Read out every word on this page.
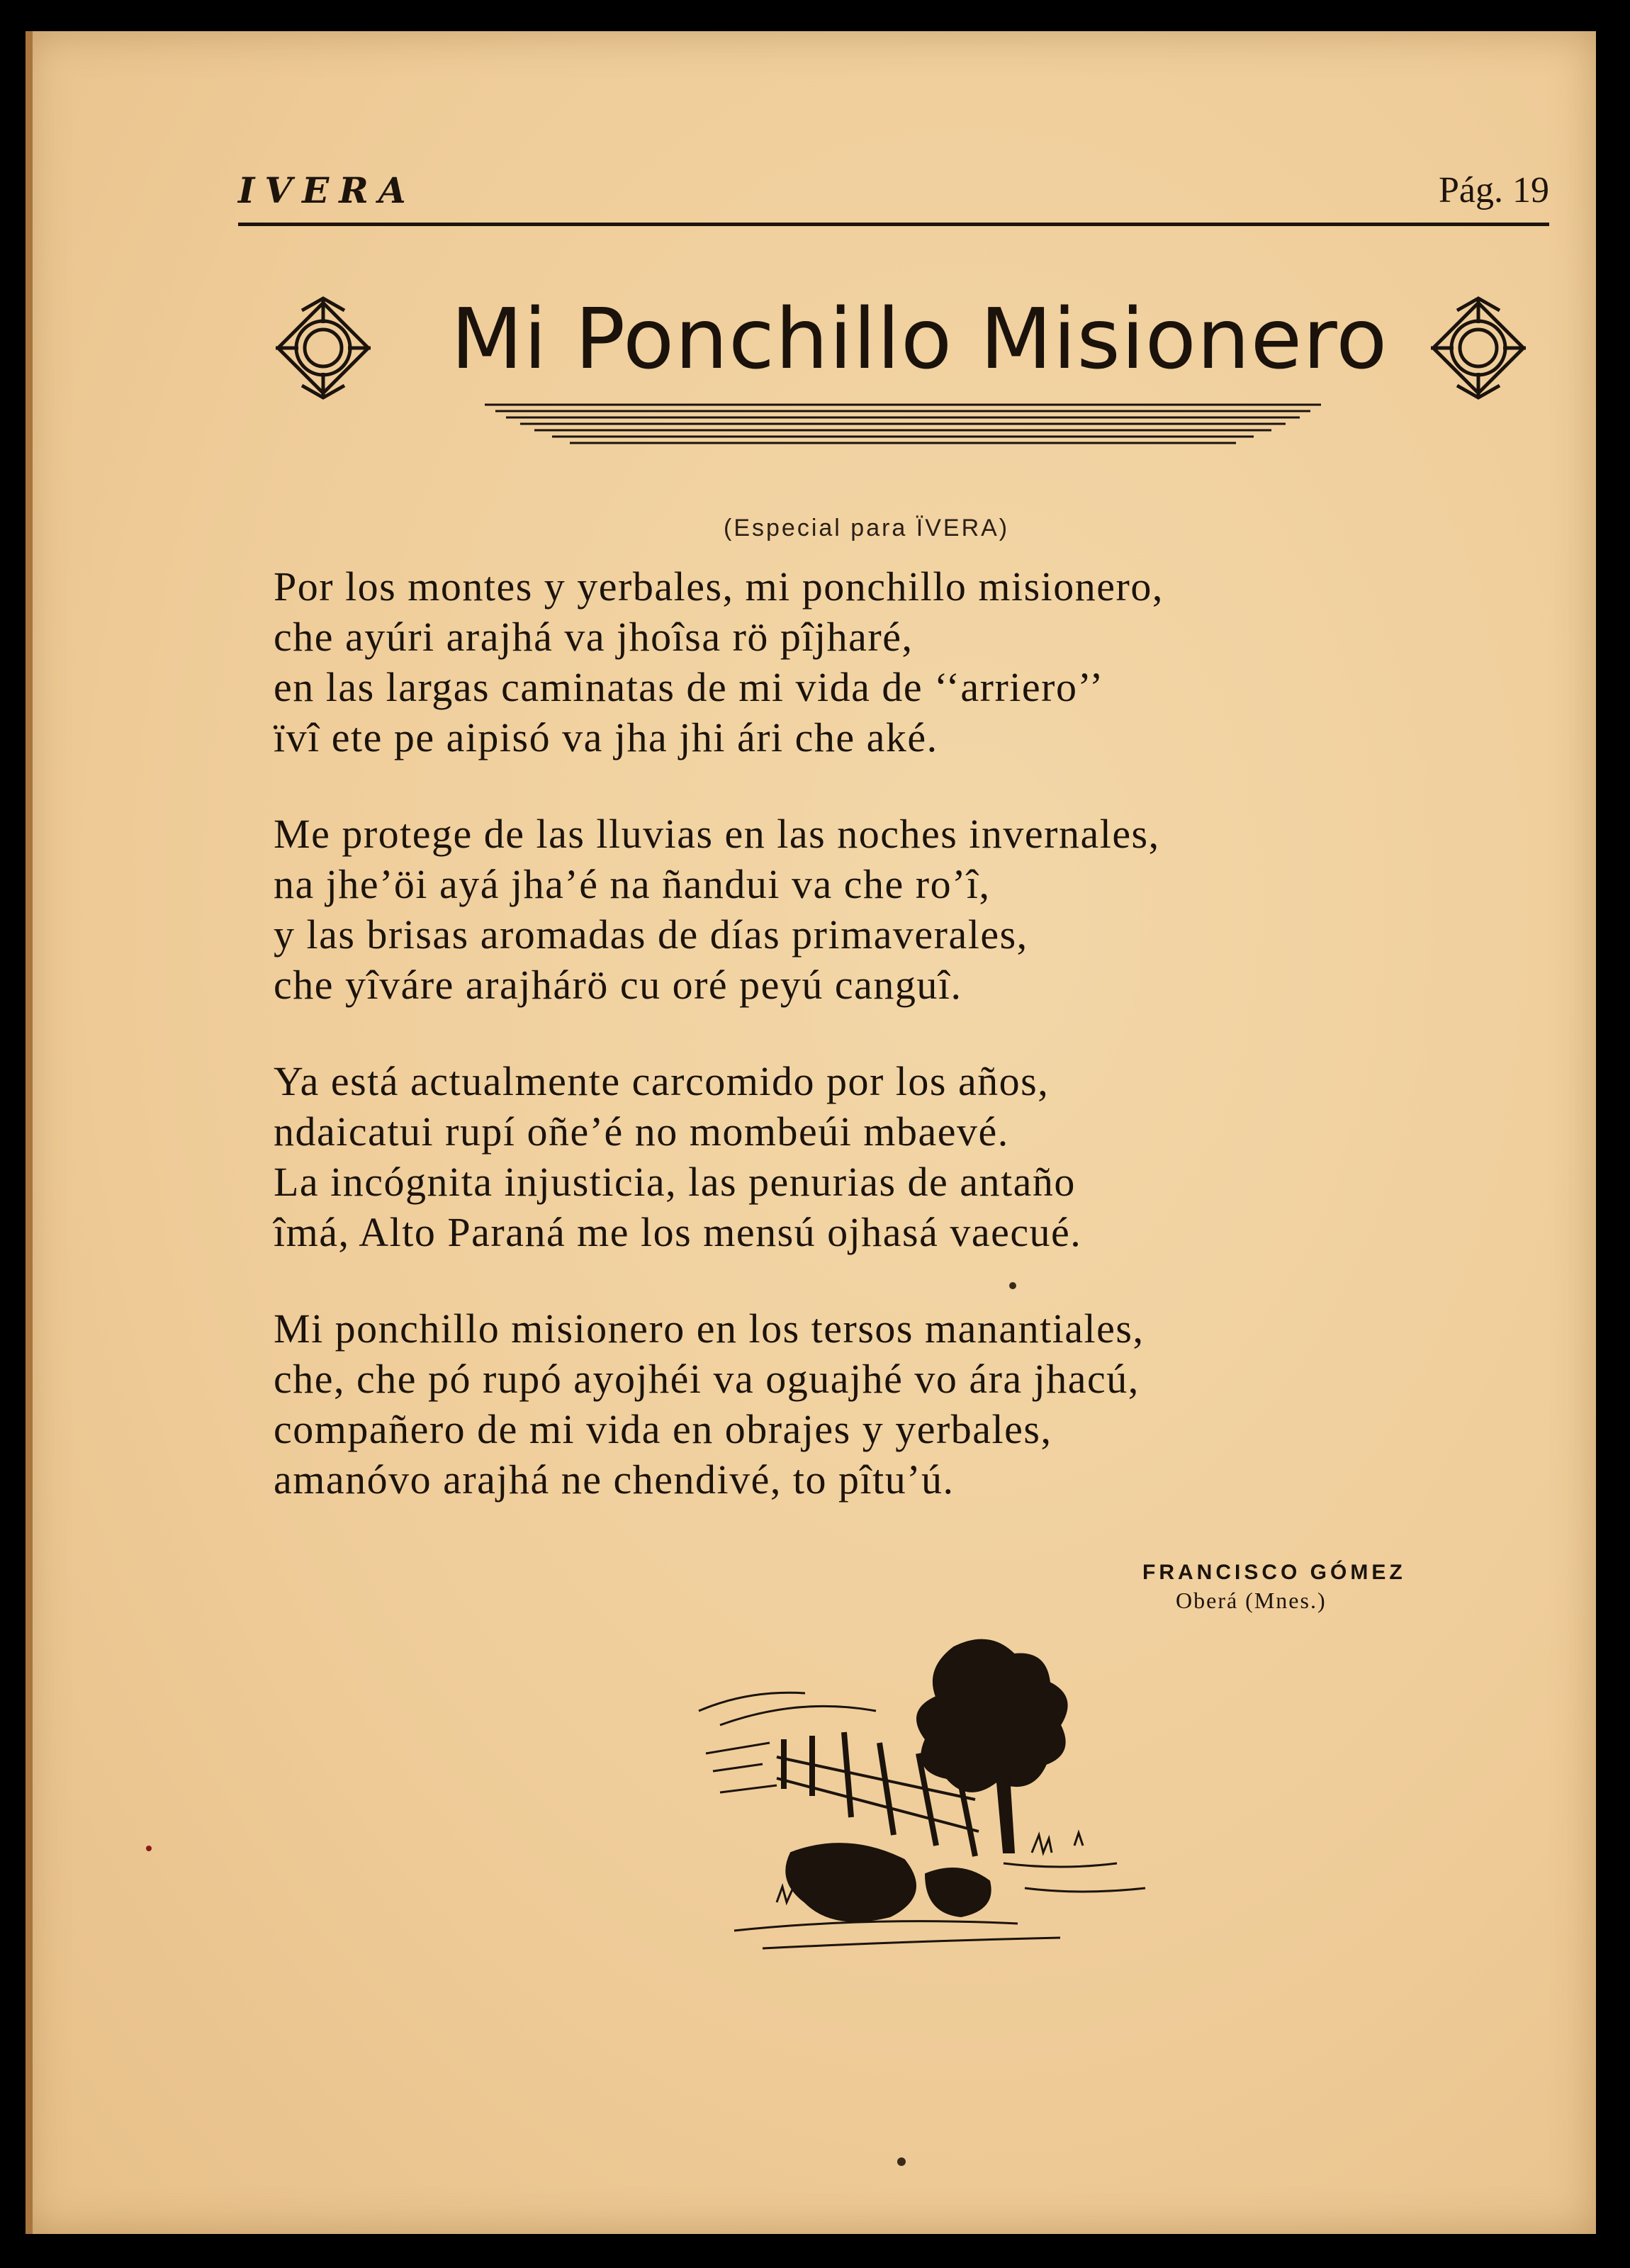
IVERA	Pág. 19
Mi Ponchillo Misionero
(Especial para ÏVERA)
Por los montes y yerbales, mi ponchillo misionero,
che ayúri arajhá va jhoîsa rö pîjharé,
en las largas caminatas de mi vida de ‘‘arriero’’
ïvî ete pe aipisó va jha jhi ári che aké.
Me protege de las lluvias en las noches invernales,
na jhe’öi ayá jha’é na ñandui va che ro’î,
y las brisas aromadas de días primaverales,
che yîváre arajhárö cu oré peyú canguî.
Ya está actualmente carcomido por los años,
ndaicatui rupí oñe’é no mombeúi mbaevé.
La incógnita injusticia, las penurias de antaño
îmá, Alto Paraná me los mensú ojhasá vaecué.
Mi ponchillo misionero en los tersos manantiales,
che, che pó rupó ayojhéi va oguajhé vo ára jhacú,
compañero de mi vida en obrajes y yerbales,
amanóvo arajhá ne chendivé, to pîtu’ú.
FRANCISCO GÓMEZ
Oberá (Mnes.)
